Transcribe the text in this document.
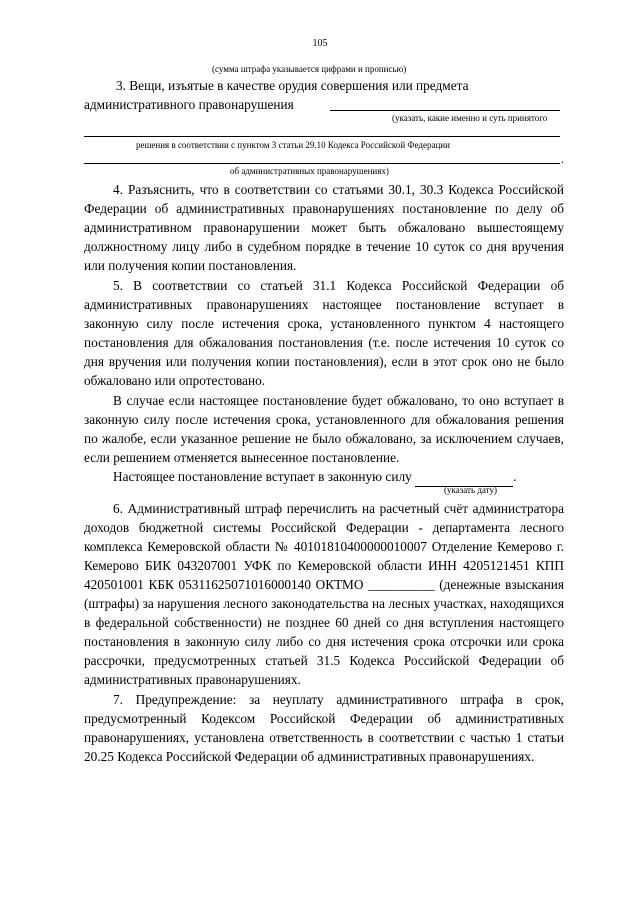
105
(сумма штрафа указывается цифрами и прописью)
3. Вещи, изъятые в качестве орудия совершения или предмета
административного правонарушения
(указать, какие именно и суть принятого
решения в соответствии с пунктом 3 статьи 29.10 Кодекса Российской Федерации
.
об административных правонарушениях)

4. Разъяснить, что в соответствии со статьями 30.1, 30.3 Кодекса Российской Федерации об административных правонарушениях постановление по делу об административном правонарушении может быть обжаловано вышестоящему должностному лицу либо в судебном порядке в течение 10 суток со дня вручения или получения копии постановления.

5. В соответствии со статьей 31.1 Кодекса Российской Федерации об административных правонарушениях настоящее постановление вступает в законную силу после истечения срока, установленного пунктом 4 настоящего постановления для обжалования постановления (т.е. после истечения 10 суток со дня вручения или получения копии постановления), если в этот срок оно не было обжаловано или опротестовано.

В случае если настоящее постановление будет обжаловано, то оно вступает в законную силу после истечения срока, установленного для обжалования решения по жалобе, если указанное решение не было обжаловано, за исключением случаев, если решением отменяется вынесенное постановление.

Настоящее постановление вступает в законную силу	.

(указать дату)

6. Административный штраф перечислить на расчетный счёт администратора доходов бюджетной системы Российской Федерации - департамента лесного комплекса Кемеровской области № 40101810400000010007 Отделение Кемерово г. Кемерово БИК 043207001 УФК по Кемеровской области ИНН 4205121451 КПП 420501001 КБК 05311625071016000140 ОКТМО __________ (денежные взыскания (штрафы) за нарушения лесного законодательства на лесных участках, находящихся в федеральной собственности) не позднее 60 дней со дня вступления настоящего постановления в законную силу либо со дня истечения срока отсрочки или срока рассрочки, предусмотренных статьей 31.5 Кодекса Российской Федерации об административных правонарушениях.

7. Предупреждение: за неуплату административного штрафа в срок, предусмотренный Кодексом Российской Федерации об административных правонарушениях, установлена ответственность в соответствии с частью 1 статьи 20.25 Кодекса Российской Федерации об административных правонарушениях.
